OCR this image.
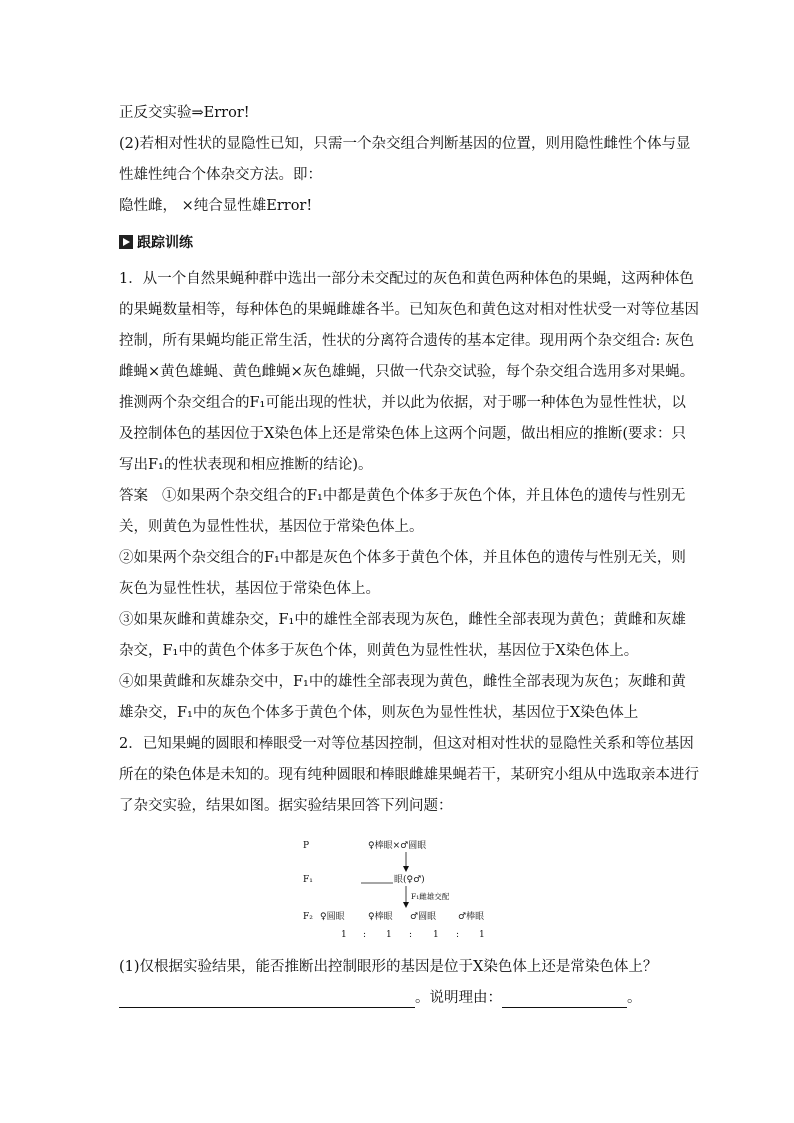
正反交实验⇒Error!
(2)若相对性状的显隐性已知，只需一个杂交组合判断基因的位置，则用隐性雌性个体与显
性雄性纯合个体杂交方法。即：
隐性雌， ×纯合显性雄Error!
跟踪训练
1．从一个自然果蝇种群中选出一部分未交配过的灰色和黄色两种体色的果蝇，这两种体色
的果蝇数量相等，每种体色的果蝇雌雄各半。已知灰色和黄色这对相对性状受一对等位基因
控制，所有果蝇均能正常生活，性状的分离符合遗传的基本定律。现用两个杂交组合: 灰色
雌蝇×黄色雄蝇、黄色雌蝇×灰色雄蝇，只做一代杂交试验，每个杂交组合选用多对果蝇。
推测两个杂交组合的F₁可能出现的性状，并以此为依据，对于哪一种体色为显性性状，以
及控制体色的基因位于X染色体上还是常染色体上这两个问题，做出相应的推断(要求：只
写出F₁的性状表现和相应推断的结论)。
答案 ①如果两个杂交组合的F₁中都是黄色个体多于灰色个体，并且体色的遗传与性别无
关，则黄色为显性性状，基因位于常染色体上。
②如果两个杂交组合的F₁中都是灰色个体多于黄色个体，并且体色的遗传与性别无关，则
灰色为显性性状，基因位于常染色体上。
③如果灰雌和黄雄杂交，F₁中的雄性全部表现为灰色，雌性全部表现为黄色；黄雌和灰雄
杂交，F₁中的黄色个体多于灰色个体，则黄色为显性性状，基因位于X染色体上。
④如果黄雌和灰雄杂交中，F₁中的雄性全部表现为黄色，雌性全部表现为灰色；灰雌和黄
雄杂交，F₁中的灰色个体多于黄色个体，则灰色为显性性状，基因位于X染色体上
2．已知果蝇的圆眼和棒眼受一对等位基因控制，但这对相对性状的显隐性关系和等位基因
所在的染色体是未知的。现有纯种圆眼和棒眼雌雄果蝇若干，某研究小组从中选取亲本进行
了杂交实验，结果如图。据实验结果回答下列问题：
P	♀棒眼×♂圆眼
F₁	眼(♀♂)
F₁雌雄交配
F₂ ♀圆眼	♀棒眼 ♂圆眼 ♂棒眼
1 : 1 : 1 : 1
(1)仅根据实验结果，能否推断出控制眼形的基因是位于X染色体上还是常染色体上？
。说明理由：	。
